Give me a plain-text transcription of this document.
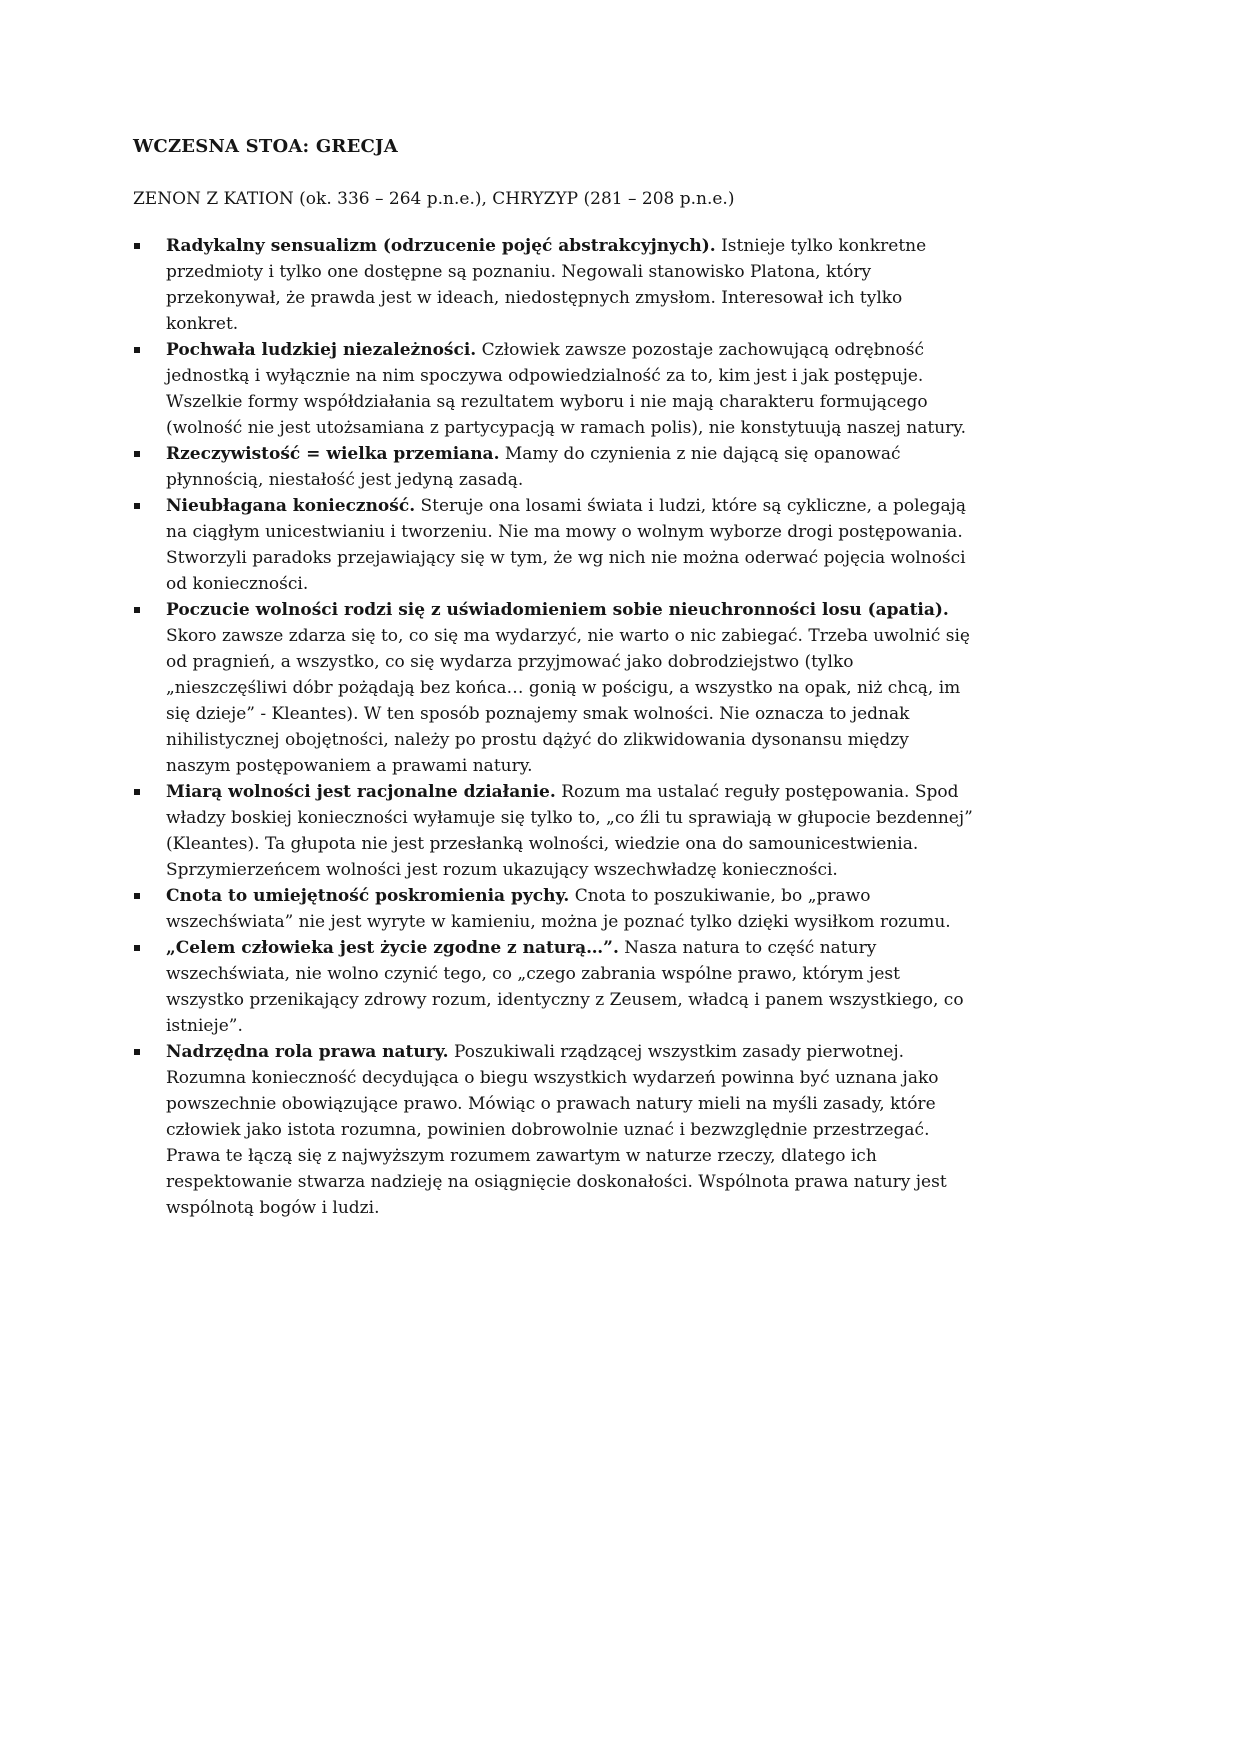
WCZESNA STOA: GRECJA

ZENON Z KATION (ok. 336 – 264 p.n.e.), CHRYZYP (281 – 208 p.n.e.)

Radykalny sensualizm (odrzucenie pojęć abstrakcyjnych). Istnieje tylko konkretne przedmioty i tylko one dostępne są poznaniu. Negowali stanowisko Platona, który przekonywał, że prawda jest w ideach, niedostępnych zmysłom. Interesował ich tylko konkret.
Pochwała ludzkiej niezależności. Człowiek zawsze pozostaje zachowującą odrębność jednostką i wyłącznie na nim spoczywa odpowiedzialność za to, kim jest i jak postępuje. Wszelkie formy współdziałania są rezultatem wyboru i nie mają charakteru formującego (wolność nie jest utożsamiana z partycypacją w ramach polis), nie konstytuują naszej natury.
Rzeczywistość = wielka przemiana. Mamy do czynienia z nie dającą się opanować płynnością, niestałość jest jedyną zasadą.
Nieubłagana konieczność. Steruje ona losami świata i ludzi, które są cykliczne, a polegają na ciągłym unicestwianiu i tworzeniu. Nie ma mowy o wolnym wyborze drogi postępowania. Stworzyli paradoks przejawiający się w tym, że wg nich nie można oderwać pojęcia wolności od konieczności.
Poczucie wolności rodzi się z uświadomieniem sobie nieuchronności losu (apatia). Skoro zawsze zdarza się to, co się ma wydarzyć, nie warto o nic zabiegać. Trzeba uwolnić się od pragnień, a wszystko, co się wydarza przyjmować jako dobrodziejstwo (tylko „nieszczęśliwi dóbr pożądają bez końca… gonią w pościgu, a wszystko na opak, niż chcą, im się dzieje” - Kleantes). W ten sposób poznajemy smak wolności. Nie oznacza to jednak nihilistycznej obojętności, należy po prostu dążyć do zlikwidowania dysonansu między naszym postępowaniem a prawami natury.
Miarą wolności jest racjonalne działanie. Rozum ma ustalać reguły postępowania. Spod władzy boskiej konieczności wyłamuje się tylko to, „co źli tu sprawiają w głupocie bezdennej” (Kleantes). Ta głupota nie jest przesłanką wolności, wiedzie ona do samounicestwienia. Sprzymierzeńcem wolności jest rozum ukazujący wszechwładzę konieczności.
Cnota to umiejętność poskromienia pychy. Cnota to poszukiwanie, bo „prawo wszechświata” nie jest wyryte w kamieniu, można je poznać tylko dzięki wysiłkom rozumu.
„Celem człowieka jest życie zgodne z naturą…”. Nasza natura to część natury wszechświata, nie wolno czynić tego, co „czego zabrania wspólne prawo, którym jest wszystko przenikający zdrowy rozum, identyczny z Zeusem, władcą i panem wszystkiego, co istnieje”.
Nadrzędna rola prawa natury. Poszukiwali rządzącej wszystkim zasady pierwotnej. Rozumna konieczność decydująca o biegu wszystkich wydarzeń powinna być uznana jako powszechnie obowiązujące prawo. Mówiąc o prawach natury mieli na myśli zasady, które człowiek jako istota rozumna, powinien dobrowolnie uznać i bezwzględnie przestrzegać. Prawa te łączą się z najwyższym rozumem zawartym w naturze rzeczy, dlatego ich respektowanie stwarza nadzieję na osiągnięcie doskonałości. Wspólnota prawa natury jest wspólnotą bogów i ludzi.
